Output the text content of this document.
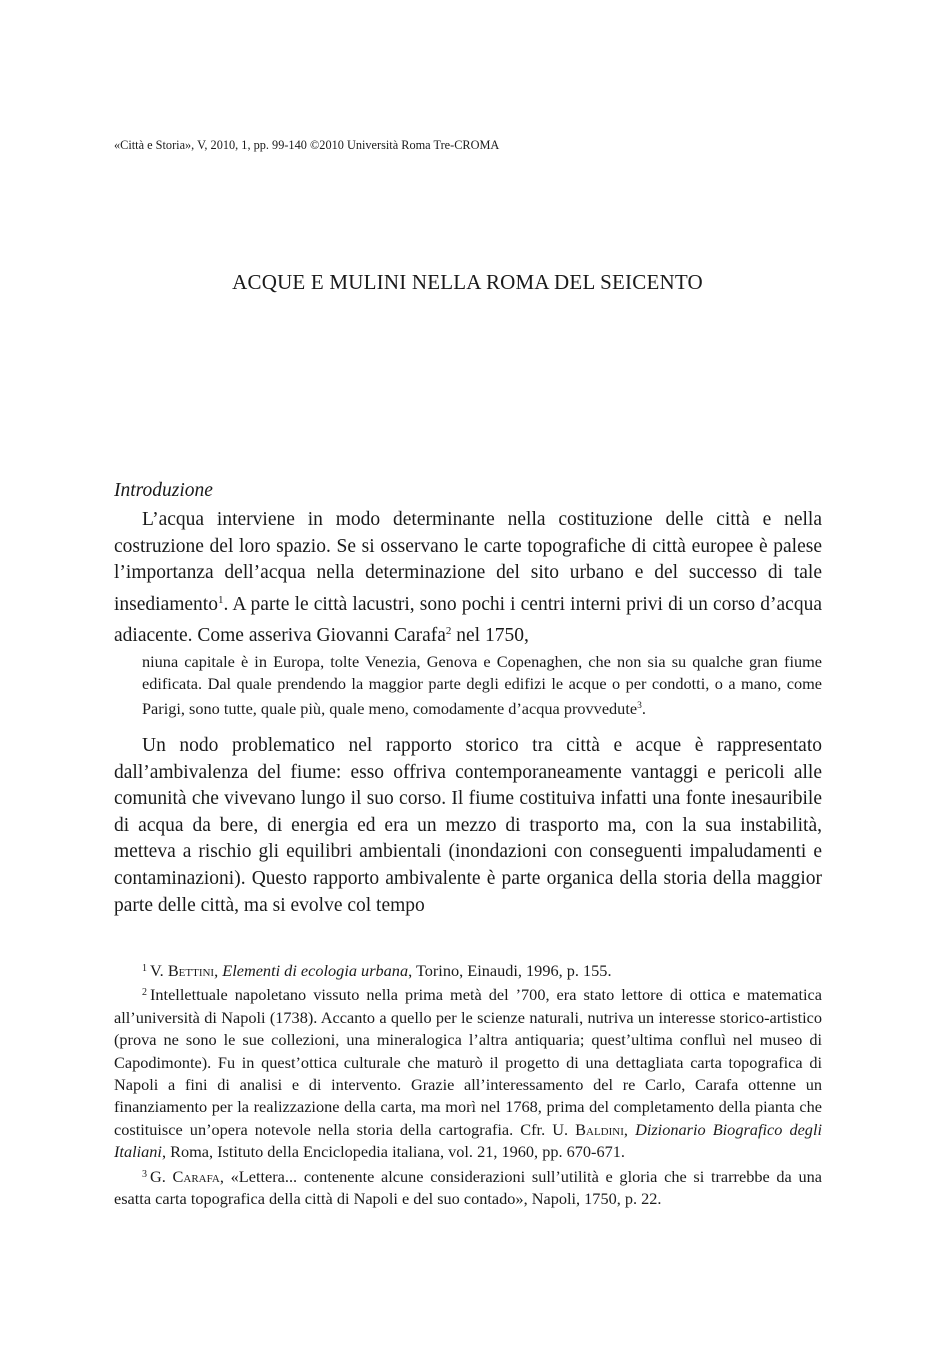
«Città e Storia», V, 2010, 1, pp. 99-140 ©2010 Università Roma Tre-CROMA
ACQUE E MULINI NELLA ROMA DEL SEICENTO
Introduzione

L’acqua interviene in modo determinante nella costituzione delle città e nella costruzione del loro spazio. Se si osservano le carte topografiche di città europee è palese l’importanza dell’acqua nella determinazione del sito urbano e del successo di tale insediamento$^1$. A parte le città lacustri, sono pochi i centri interni privi di un corso d’acqua adiacente. Come asseriva Giovanni Carafa$^2$ nel 1750,

niuna capitale è in Europa, tolte Venezia, Genova e Copenaghen, che non sia su qualche gran fiume edificata. Dal quale prendendo la maggior parte degli edifizi le acque o per condotti, o a mano, come Parigi, sono tutte, quale più, quale meno, comodamente d’acqua provvedute$^3$.

Un nodo problematico nel rapporto storico tra città e acque è rappresentato dall’ambivalenza del fiume: esso offriva contemporaneamente vantaggi e pericoli alle comunità che vivevano lungo il suo corso. Il fiume costituiva infatti una fonte inesauribile di acqua da bere, di energia ed era un mezzo di trasporto ma, con la sua instabilità, metteva a rischio gli equilibri ambientali (inondazioni con conseguenti impaludamenti e contaminazioni). Questo rapporto ambivalente è parte organica della storia della maggior parte delle città, ma si evolve col tempo

$^1$ V. Bettini, Elementi di ecologia urbana, Torino, Einaudi, 1996, p. 155.

$^2$ Intellettuale napoletano vissuto nella prima metà del ’700, era stato lettore di ottica e matematica all’università di Napoli (1738). Accanto a quello per le scienze naturali, nutriva un interesse storico-artistico (prova ne sono le sue collezioni, una mineralogica l’altra antiquaria; quest’ultima confluì nel museo di Capodimonte). Fu in quest’ottica culturale che maturò il progetto di una dettagliata carta topografica di Napoli a fini di analisi e di intervento. Grazie all’interessamento del re Carlo, Carafa ottenne un finanziamento per la realizzazione della carta, ma morì nel 1768, prima del completamento della pianta che costituisce un’opera notevole nella storia della cartografia. Cfr. U. Baldini, Dizionario Biografico degli Italiani, Roma, Istituto della Enciclopedia italiana, vol. 21, 1960, pp. 670-671.

$^3$ G. Carafa, «Lettera... contenente alcune considerazioni sull’utilità e gloria che si trarrebbe da una esatta carta topografica della città di Napoli e del suo contado», Napoli, 1750, p. 22.
